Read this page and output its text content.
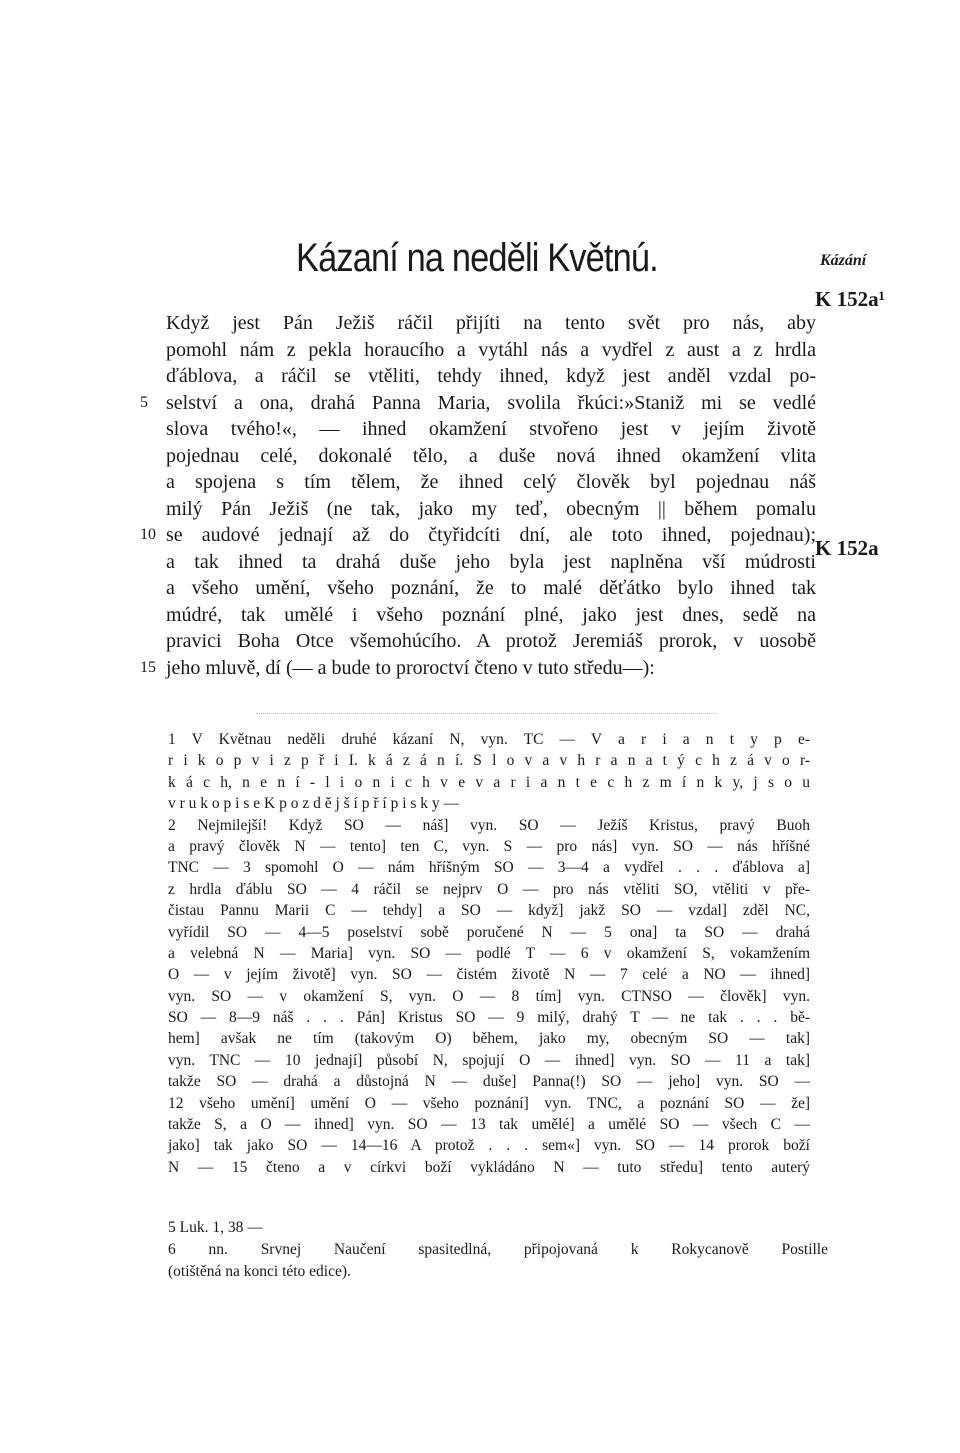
Kázaní na neděli Květnú.	Kázání
K 152a¹
K 152a
Když jest Pán Ježiš ráčil přijíti na tento svět pro nás, aby
pomohl nám z pekla horaucího a vytáhl nás a vydřel z aust a z hrdla
ďáblova, a ráčil se vtěliti, tehdy ihned, když jest anděl vzdal po-
5 selství a ona, drahá Panna Maria, svolila řkúci:»Staniž mi se vedlé
slova tvého!«, — ihned okamžení stvořeno jest v jejím životě
pojednau celé, dokonalé tělo, a duše nová ihned okamžení vlita
a spojena s tím tělem, že ihned celý člověk byl pojednau náš
milý Pán Ježiš (ne tak, jako my teď, obecným || během pomalu
10 se audové jednají až do čtyřidcíti dní, ale toto ihned, pojednau);
a tak ihned ta drahá duše jeho byla jest naplněna vší múdrosti
a všeho umění, všeho poznání, že to malé děťátko bylo ihned tak
múdré, tak umělé i všeho poznání plné, jako jest dnes, sedě na
pravici Boha Otce všemohúcího. A protož Jeremiáš prorok, v uosobě
15 jeho mluvě, dí (— a bude to proroctví čteno v tuto středu—):
1 V Květnau neděli druhé kázaní N, vyn. TC — V a r i a n t y p e-
r i k o p v i z p ř i I. k á z á n í. S l o v a v h r a n a t ý c h z á v o r-
k á c h, n e n í - l i o n i c h v e v a r i a n t e c h z m í n k y, j s o u
v r u k o p i s e K p o z d ě j š í p ř í p i s k y —
2 Nejmilejší! Když SO — náš] vyn. SO — Ježíš Kristus, pravý Buoh
a pravý člověk N — tento] ten C, vyn. S — pro nás] vyn. SO — nás hříšné
TNC — 3 spomohl O — nám hříšným SO — 3—4 a vydřel . . . ďáblova a]
z hrdla ďáblu SO — 4 ráčil se nejprv O — pro nás vtěliti SO, vtěliti v pře-
čistau Pannu Marii C — tehdy] a SO — když] jakž SO — vzdal] zděl NC,
vyřídil SO — 4—5 poselství sobě poručené N — 5 ona] ta SO — drahá
a velebná N — Maria] vyn. SO — podlé T — 6 v okamžení S, vokamžením
O — v jejím životě] vyn. SO — čistém životě N — 7 celé a NO — ihned]
vyn. SO — v okamžení S, vyn. O — 8 tím] vyn. CTNSO — člověk] vyn.
SO — 8—9 náš . . . Pán] Kristus SO — 9 milý, drahý T — ne tak . . . bě-
hem] avšak ne tím (takovým O) během, jako my, obecným SO — tak]
vyn. TNC — 10 jednají] působí N, spojují O — ihned] vyn. SO — 11 a tak]
takže SO — drahá a důstojná N — duše] Panna(!) SO — jeho] vyn. SO —
12 všeho umění] umění O — všeho poznání] vyn. TNC, a poznání SO — že]
takže S, a O — ihned] vyn. SO — 13 tak umělé] a umělé SO — všech C —
jako] tak jako SO — 14—16 A protož . . . sem«] vyn. SO — 14 prorok boží
N — 15 čteno a v církvi boží vykládáno N — tuto středu] tento auterý
5 Luk. 1, 38 —
6 nn. Srvnej Naučení spasitedlná, připojovaná k Rokycanově Postille
(otištěná na konci této edice).
